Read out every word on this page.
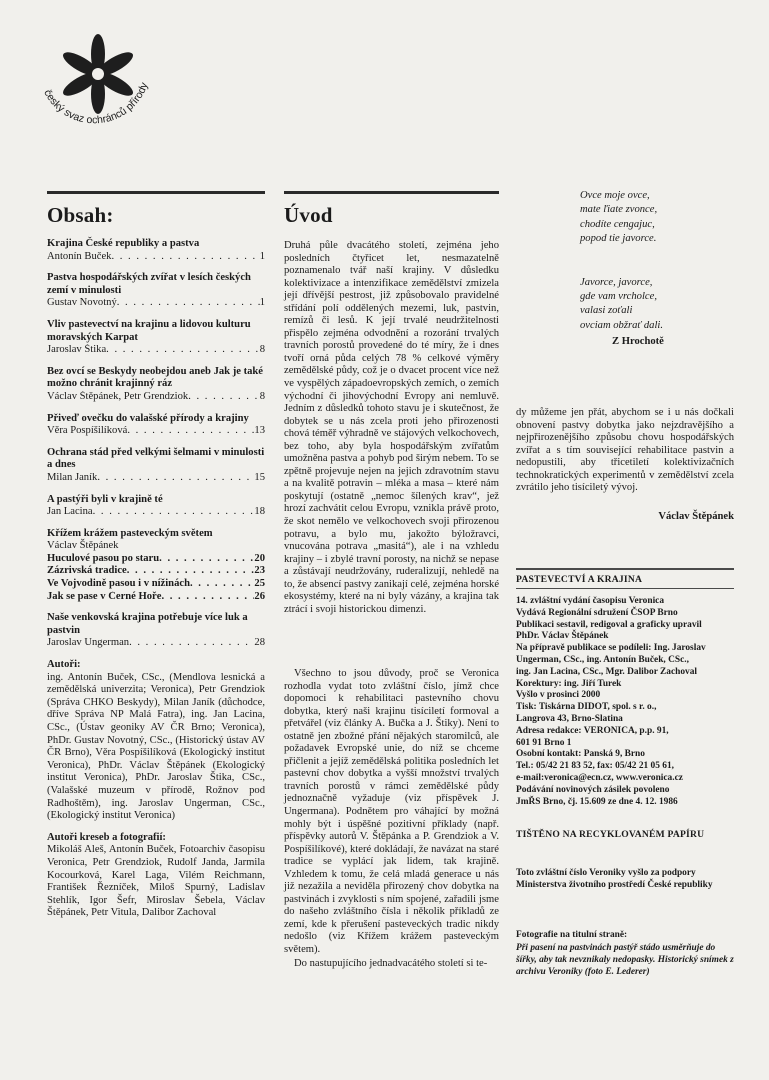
český svaz ochránců přírody
Obsah:
Krajina České republiky a pastva
Antonín Buček . . .	1
Pastva hospodářských zvířat v lesích českých zemí v minulosti
Gustav Novotný . . .	1
Vliv pastevectví na krajinu a lidovou kulturu moravských Karpat
Jaroslav Štika . . .	8
Bez ovcí se Beskydy neobejdou aneb Jak je také možno chránit krajinný ráz
Václav Štěpánek, Petr Grendziok . . .	8
Přiveď ovečku do valašské přírody a krajiny
Věra Pospíšilíková . . .	13
Ochrana stád před velkými šelmami v minulosti a dnes
Milan Janík . . .	15
A pastýři byli v krajině té
Jan Lacina . . .	18
Křížem krážem pasteveckým světem
Václav Štěpánek
Huculové pasou po staru . . .	20
Zázrivská tradice . . .	23
Ve Vojvodině pasou i v nížinách . . .	25
Jak se pase v Černé Hoře . . .	26
Naše venkovská krajina potřebuje více luk a pastvin
Jaroslav Ungerman . . .	28
Autoři:

ing. Antonín Buček, CSc., (Mendlova lesnická a zemědělská univerzita; Veronica), Petr Grendziok (Správa CHKO Beskydy), Milan Janík (důchodce, dříve Správa NP Malá Fatra), ing. Jan Lacina, CSc., (Ústav geoniky AV ČR Brno; Veronica), PhDr. Gustav Novotný, CSc., (Historický ústav AV ČR Brno), Věra Pospíšilíková (Ekologický institut Veronica), PhDr. Václav Štěpánek (Ekologický institut Veronica), PhDr. Jaroslav Štika, CSc., (Valašské muzeum v přírodě, Rožnov pod Radhoštěm), ing. Jaroslav Ungerman, CSc., (Ekologický institut Veronica)

Autoři kreseb a fotografií:

Mikoláš Aleš, Antonín Buček, Fotoarchiv časopisu Veronica, Petr Grendziok, Rudolf Janda, Jarmila Kocourková, Karel Laga, Vilém Reichmann, František Řezníček, Miloš Spurný, Ladislav Stehlík, Igor Šefr, Miroslav Šebela, Václav Štěpánek, Petr Vitula, Dalibor Zachoval

Úvod

Druhá půle dvacátého století, zejména jeho posledních čtyřicet let, nesmazatelně poznamenalo tvář naší krajiny. V důsledku kolektivizace a intenzifikace zemědělství zmizela její dřívější pestrost, již způsobovalo pravidelné střídání polí oddělených mezemi, luk, pastvin, remízů či lesů. K její trvalé neudržitelnosti přispělo zejména odvodnění a rozorání trvalých travních porostů provedené do té míry, že i dnes tvoří orná půda celých 78 % celkové výměry zemědělské půdy, což je o dvacet procent více než ve vyspělých západoevropských zemích, o zemích východní či jihovýchodní Evropy ani nemluvě. Jedním z důsledků tohoto stavu je i skutečnost, že dobytek se u nás zcela proti jeho přirozenosti chová téměř výhradně ve stájových velkochovech, bez toho, aby byla hospodářským zvířatům umožněna pastva a pohyb pod širým nebem. To se zpětně projevuje nejen na jejich zdravotním stavu a na kvalitě potravin – mléka a masa – které nám poskytují (ostatně „nemoc šílených krav“, jež hrozí zachvátit celou Evropu, vznikla právě proto, že skot nemělo ve velkochovech svoji přirozenou potravu, a bylo mu, jakožto býložravci, vnucována potrava „masitá“), ale i na vzhledu krajiny – i zbylé travní porosty, na nichž se nepase a zůstávají neudržovány, ruderalizují, nehledě na to, že absencí pastvy zanikají celé, zejména horské ekosystémy, které na ni byly vázány, a krajina tak ztrácí i svoji historickou dimenzi.

Všechno to jsou důvody, proč se Veronica rozhodla vydat toto zvláštní číslo, jímž chce dopomoci k rehabilitaci pastevního chovu dobytka, který naši krajinu tisíciletí formoval a přetvářel (viz články A. Bučka a J. Štiky). Není to ostatně jen zbožné přání nějakých staromilců, ale požadavek Evropské unie, do níž se chceme přičlenit a jejíž zemědělská politika posledních let pastevní chov dobytka a vyšší množství trvalých travních porostů v rámci zemědělské půdy jednoznačně vyžaduje (viz příspěvek J. Ungermana). Podnětem pro váhající by možná mohly být i úspěšné pozitivní příklady (např. příspěvky autorů V. Štěpánka a P. Grendziok a V. Pospíšilíkové), které dokládají, že navázat na staré tradice se vyplácí jak lidem, tak krajině. Vzhledem k tomu, že celá mladá generace u nás již nezažila a neviděla přirozený chov dobytka na pastvinách i zvyklosti s ním spojené, zařadili jsme do našeho zvláštního čísla i několik příkladů ze zemí, kde k přerušení pasteveckých tradic nikdy nedošlo (viz Křížem krážem pasteveckým světem).

Do nastupujícího jednadvacátého století si te-

Ovce moje ovce,
mate ľiate zvonce,
chodíte cengajuc,
popod tie javorce.
Javorce, javorce,
gde vam vrcholce,
valasi zoťali
ovciam obžrať dali.
Z Hrochotě

dy můžeme jen přát, abychom se i u nás dočkali obnovení pastvy dobytka jako nejzdravějšího a nejpřirozenějšího způsobu chovu hospodářských zvířat a s tím související rehabilitace pastvin a nedopustili, aby třicetiletí kolektivizačních technokratických experimentů v zemědělství zcela zvrátilo jeho tisíciletý vývoj.

Václav Štěpánek
PASTEVECTVÍ A KRAJINA
14. zvláštní vydání časopisu Veronica
Vydává Regionální sdružení ČSOP Brno
Publikaci sestavil, redigoval a graficky upravil
PhDr. Václav Štěpánek
Na přípravě publikace se podíleli: Ing. Jaroslav
Ungerman, CSc., ing. Antonín Buček, CSc.,
ing. Jan Lacina, CSc., Mgr. Dalibor Zachoval
Korektury: ing. Jiří Turek
Vyšlo v prosinci 2000
Tisk: Tiskárna DIDOT, spol. s r. o.,
Langrova 43, Brno-Slatina
Adresa redakce: VERONICA, p.p. 91,
601 91 Brno 1
Osobní kontakt: Panská 9, Brno
Tel.: 05/42 21 83 52, fax: 05/42 21 05 61,
e-mail:veronica@ecn.cz, www.veronica.cz
Podávání novinových zásilek povoleno
JmŘS Brno, čj. 15.609 ze dne 4. 12. 1986
TIŠTĚNO NA RECYKLOVANÉM PAPÍRU
Toto zvláštní číslo Veroniky vyšlo za podpory Ministerstva životního prostředí České republiky
Fotografie na titulní straně:
Při pasení na pastvinách pastýř stádo usměrňuje do šířky, aby tak nevznikaly nedopasky. Historický snímek z archivu Veroniky (foto E. Lederer)
